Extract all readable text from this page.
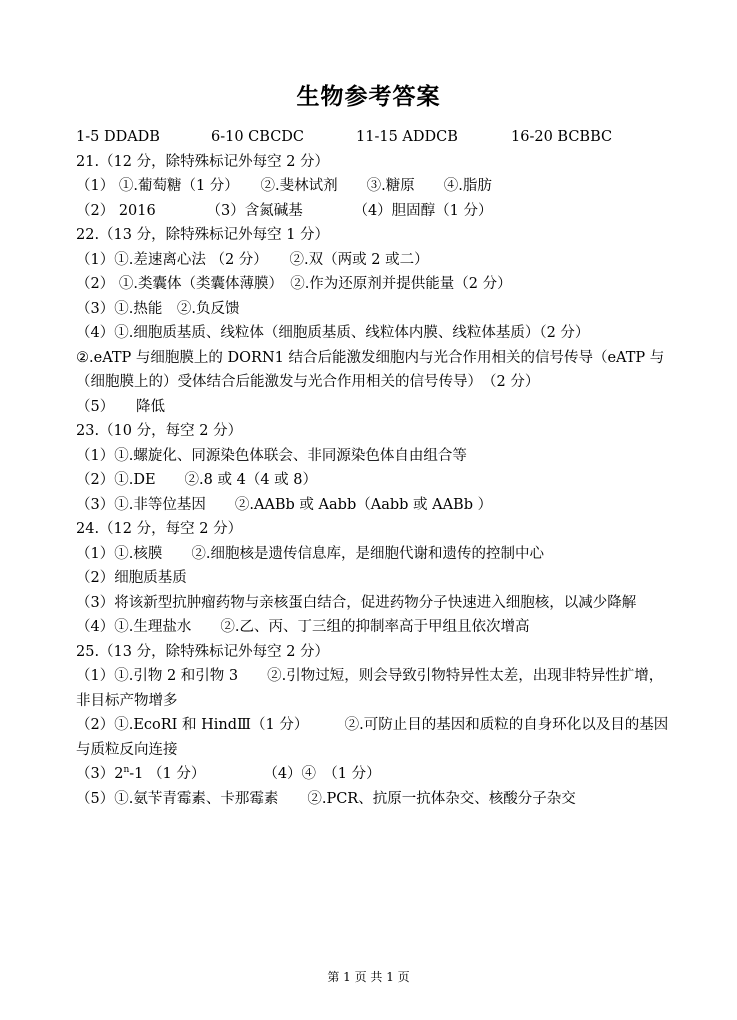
生物参考答案
1-5 DDADB	6-10 CBCDC	11-15 ADDCB	16-20 BCBBC
21.（12 分，除特殊标记外每空 2 分）
（1） ①.葡萄糖（1 分）　　②.斐林试剂　　③.糖原　　④.脂肪
（2） 2016　　　　（3）含氮碱基　　　　（4）胆固醇（1 分）
22.（13 分，除特殊标记外每空 1 分）
（1）①.差速离心法 （2 分）　　②.双（两或 2 或二）
（2） ①.类囊体（类囊体薄膜）　②.作为还原剂并提供能量（2 分）
（3）①.热能　②.负反馈
（4）①.细胞质基质、线粒体（细胞质基质、线粒体内膜、线粒体基质）（2 分）
②.eATP 与细胞膜上的 DORN1 结合后能激发细胞内与光合作用相关的信号传导（eATP 与（细胞膜上的）受体结合后能激发与光合作用相关的信号传导）　（2 分）
（5）　　降低
23.（10 分，每空 2 分）
（1）①.螺旋化、同源染色体联会、非同源染色体自由组合等
（2）①.DE　　②.8 或 4（4 或 8）
（3）①.非等位基因　　②.AABb 或 Aabb（Aabb 或 AABb ）
24.（12 分，每空 2 分）
（1）①.核膜　　②.细胞核是遗传信息库，是细胞代谢和遗传的控制中心
（2）细胞质基质
（3）将该新型抗肿瘤药物与亲核蛋白结合，促进药物分子快速进入细胞核，以减少降解
（4）①.生理盐水　　②.乙、丙、丁三组的抑制率高于甲组且依次增高
25.（13 分，除特殊标记外每空 2 分）
（1）①.引物 2 和引物 3　　②.引物过短，则会导致引物特异性太差，出现非特异性扩增，非目标产物增多
（2）①.EcoRI 和 HindⅢ（1 分）　　　②.可防止目的基因和质粒的自身环化以及目的基因与质粒反向连接
（3）2$^n$-1 （1 分）　　　　　（4）④　（1 分）
（5）①.氨苄青霉素、卡那霉素　　②.PCR、抗原一抗体杂交、核酸分子杂交
第 1 页 共 1 页
